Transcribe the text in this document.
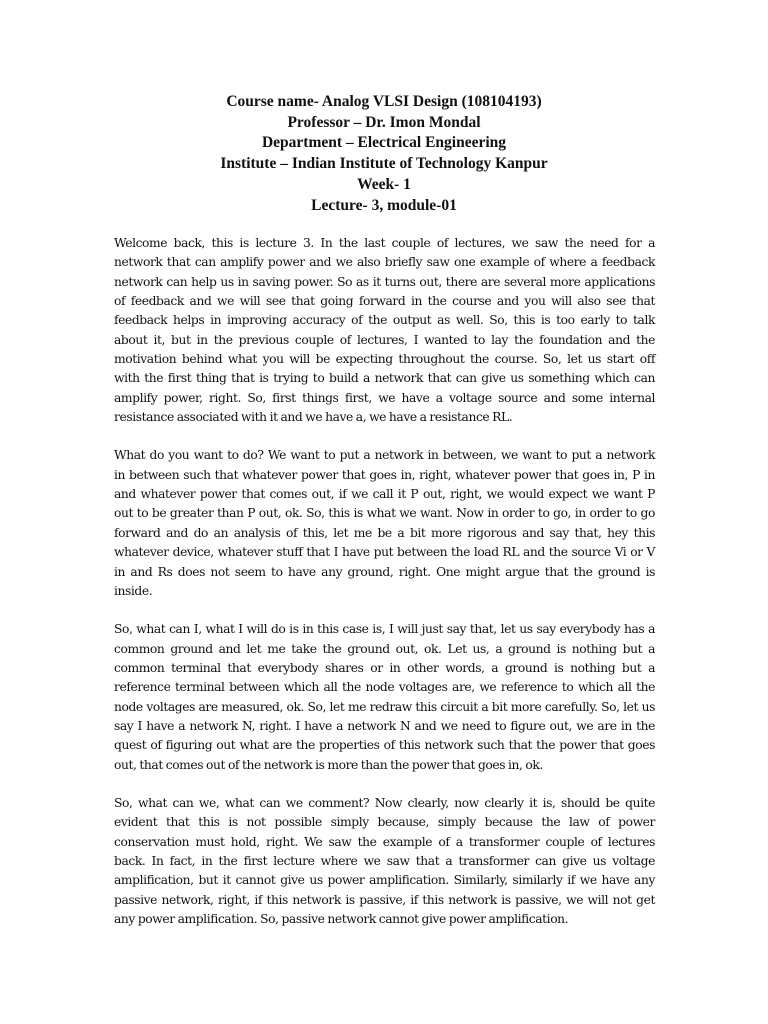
Course name- Analog VLSI Design (108104193)
Professor – Dr. Imon Mondal
Department – Electrical Engineering
Institute – Indian Institute of Technology Kanpur
Week- 1
Lecture- 3, module-01
Welcome back, this is lecture 3. In the last couple of lectures, we saw the need for a
network that can amplify power and we also briefly saw one example of where a feedback
network can help us in saving power. So as it turns out, there are several more applications
of feedback and we will see that going forward in the course and you will also see that
feedback helps in improving accuracy of the output as well. So, this is too early to talk
about it, but in the previous couple of lectures, I wanted to lay the foundation and the
motivation behind what you will be expecting throughout the course. So, let us start off
with the first thing that is trying to build a network that can give us something which can
amplify power, right. So, first things first, we have a voltage source and some internal
resistance associated with it and we have a, we have a resistance RL.
What do you want to do? We want to put a network in between, we want to put a network
in between such that whatever power that goes in, right, whatever power that goes in, P in
and whatever power that comes out, if we call it P out, right, we would expect we want P
out to be greater than P out, ok. So, this is what we want. Now in order to go, in order to go
forward and do an analysis of this, let me be a bit more rigorous and say that, hey this
whatever device, whatever stuff that I have put between the load RL and the source Vi or V
in and Rs does not seem to have any ground, right. One might argue that the ground is
inside.
So, what can I, what I will do is in this case is, I will just say that, let us say everybody has a
common ground and let me take the ground out, ok. Let us, a ground is nothing but a
common terminal that everybody shares or in other words, a ground is nothing but a
reference terminal between which all the node voltages are, we reference to which all the
node voltages are measured, ok. So, let me redraw this circuit a bit more carefully. So, let us
say I have a network N, right. I have a network N and we need to figure out, we are in the
quest of figuring out what are the properties of this network such that the power that goes
out, that comes out of the network is more than the power that goes in, ok.
So, what can we, what can we comment? Now clearly, now clearly it is, should be quite
evident that this is not possible simply because, simply because the law of power
conservation must hold, right. We saw the example of a transformer couple of lectures
back. In fact, in the first lecture where we saw that a transformer can give us voltage
amplification, but it cannot give us power amplification. Similarly, similarly if we have any
passive network, right, if this network is passive, if this network is passive, we will not get
any power amplification. So, passive network cannot give power amplification.
